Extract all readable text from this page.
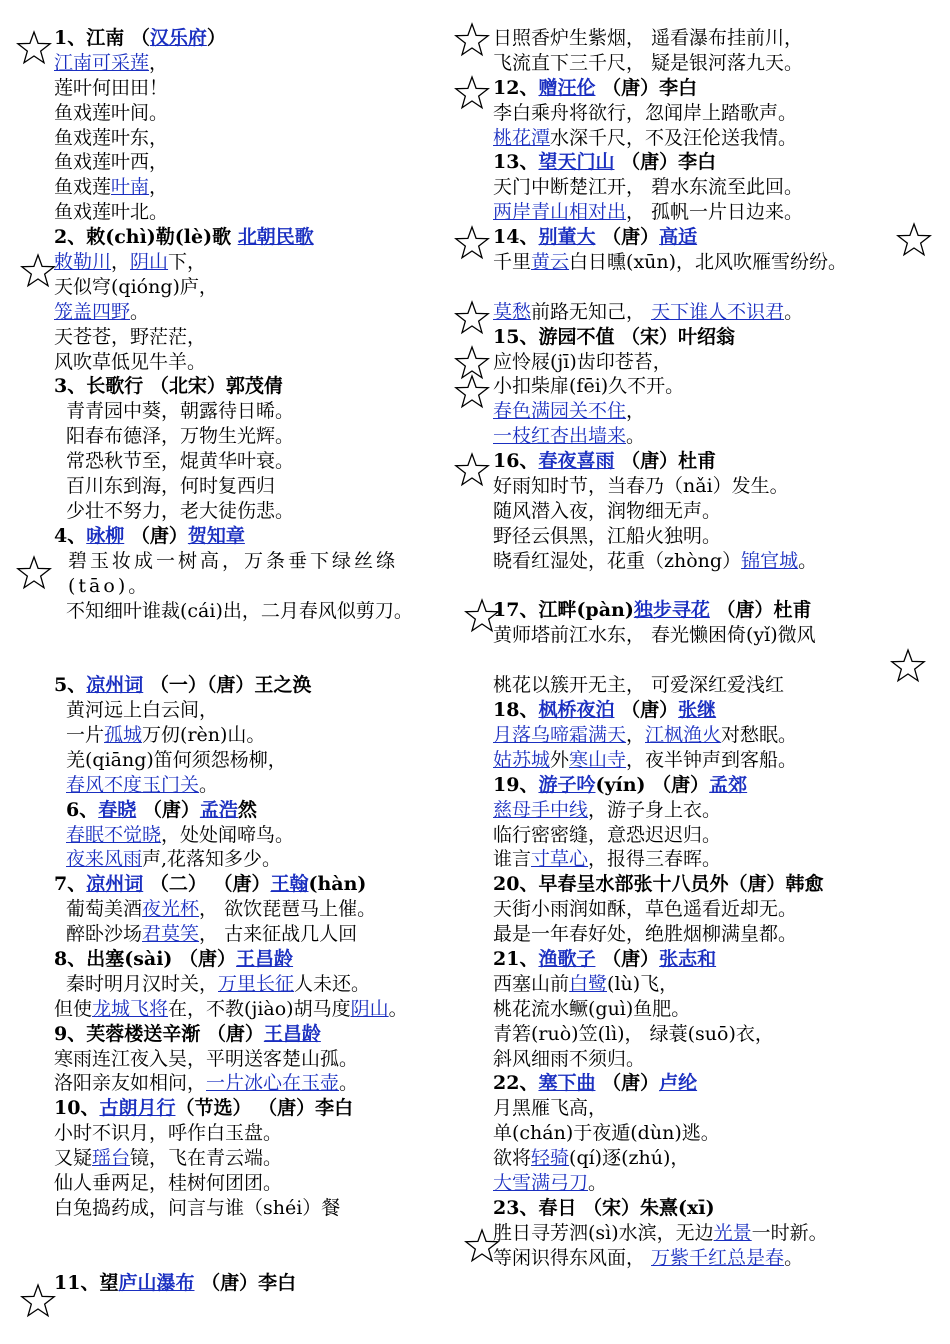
1、江南 （汉乐府）
江南可采莲，
莲叶何田田！
鱼戏莲叶间。
鱼戏莲叶东，
鱼戏莲叶西，
鱼戏莲叶南，
鱼戏莲叶北。
2、敕(chì)勒(lè)歌 北朝民歌
敕勒川，阴山下，
天似穹(qióng)庐，
笼盖四野。
天苍苍，野茫茫，
风吹草低见牛羊。
3、长歌行 （北宋）郭茂倩
青青园中葵，朝露待日晞。
阳春布德泽，万物生光辉。
常恐秋节至，焜黄华叶衰。
百川东到海，何时复西归
少壮不努力，老大徒伤悲。
4、咏柳 （唐）贺知章
碧玉妆成一树高，万条垂下绿丝绦(tāo)。
不知细叶谁裁(cái)出，二月春风似剪刀。
5、凉州词 （一）（唐）王之涣
黄河远上白云间，
一片孤城万仞(rèn)山。
羌(qiāng)笛何须怨杨柳，
春风不度玉门关。
6、春晓 （唐）孟浩然
春眠不觉晓，处处闻啼鸟。
夜来风雨声,花落知多少。
7、凉州词 （二） （唐）王翰(hàn)
葡萄美酒夜光杯， 欲饮琵琶马上催。
醉卧沙场君莫笑， 古来征战几人回
8、出塞(sài) （唐）王昌龄
秦时明月汉时关，万里长征人未还。
但使龙城飞将在，不教(jiào)胡马度阴山。
9、芙蓉楼送辛渐 （唐）王昌龄
寒雨连江夜入吴，平明送客楚山孤。
洛阳亲友如相问，一片冰心在玉壶。
10、古朗月行（节选） （唐）李白
小时不识月，呼作白玉盘。
又疑瑶台镜，飞在青云端。
仙人垂两足，桂树何团团。
白兔捣药成，问言与谁（shéi）餐
11、望庐山瀑布 （唐）李白
日照香炉生紫烟， 遥看瀑布挂前川，
飞流直下三千尺， 疑是银河落九天。
12、赠汪伦 （唐）李白
李白乘舟将欲行，忽闻岸上踏歌声。
桃花潭水深千尺，不及汪伦送我情。
13、望天门山 （唐）李白
天门中断楚江开， 碧水东流至此回。
两岸青山相对出， 孤帆一片日边来。
14、别董大 （唐）高适
千里黄云白日曛(xūn)，北风吹雁雪纷纷。
莫愁前路无知己， 天下谁人不识君。
15、游园不值 （宋）叶绍翁
应怜屐(jī)齿印苍苔，
小扣柴扉(fēi)久不开。
春色满园关不住，
一枝红杏出墙来。
16、春夜喜雨 （唐）杜甫
好雨知时节，当春乃（nǎi）发生。
随风潜入夜，润物细无声。
野径云俱黑，江船火独明。
晓看红湿处，花重（zhòng）锦官城。
17、江畔(pàn)独步寻花 （唐）杜甫
黄师塔前江水东， 春光懒困倚(yǐ)微风
桃花以簇开无主， 可爱深红爱浅红
18、枫桥夜泊 （唐）张继
月落乌啼霜满天，江枫渔火对愁眠。
姑苏城外寒山寺，夜半钟声到客船。
19、游子吟(yín) （唐）孟郊
慈母手中线，游子身上衣。
临行密密缝，意恐迟迟归。
谁言寸草心，报得三春晖。
20、早春呈水部张十八员外（唐）韩愈
天街小雨润如酥，草色遥看近却无。
最是一年春好处，绝胜烟柳满皇都。
21、渔歌子 （唐）张志和
西塞山前白鹭(lù)飞，
桃花流水鳜(guì)鱼肥。
青箬(ruò)笠(lì)， 绿蓑(suō)衣，
斜风细雨不须归。
22、塞下曲 （唐）卢纶
月黑雁飞高，
单(chán)于夜遁(dùn)逃。
欲将轻骑(qí)逐(zhú)，
大雪满弓刀。
23、春日 （宋）朱熹(xī)
胜日寻芳泗(sì)水滨，无边光景一时新。
等闲识得东风面， 万紫千红总是春。
